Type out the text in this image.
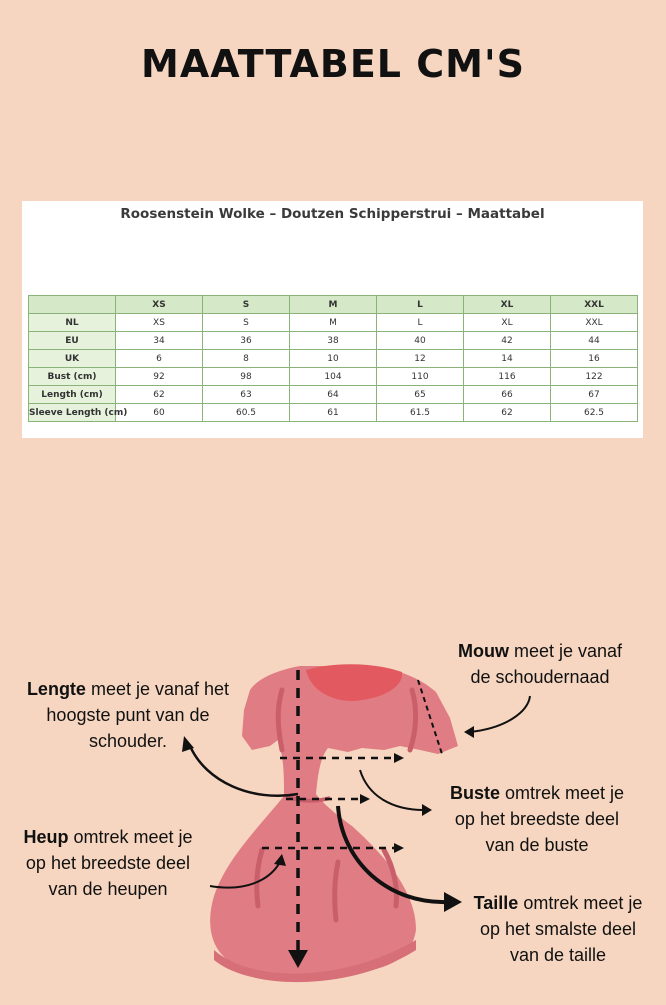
MAATTABEL CM'S
Roosenstein Wolke – Doutzen Schipperstrui – Maattabel
	XS	S	M	L	XL	XXL
NL	XS	S	M	L	XL	XXL
EU	34	36	38	40	42	44
UK	6	8	10	12	14	16
Bust (cm)	92	98	104	110	116	122
Length (cm)	62	63	64	65	66	67
Sleeve Length (cm)	60	60.5	61	61.5	62	62.5
Lengte meet je vanaf het
hoogste punt van de
schouder.
Mouw meet je vanaf
de schoudernaad
Buste omtrek meet je
op het breedste deel
van de buste
Heup omtrek meet je
op het breedste deel
van de heupen
Taille omtrek meet je
op het smalste deel
van de taille
